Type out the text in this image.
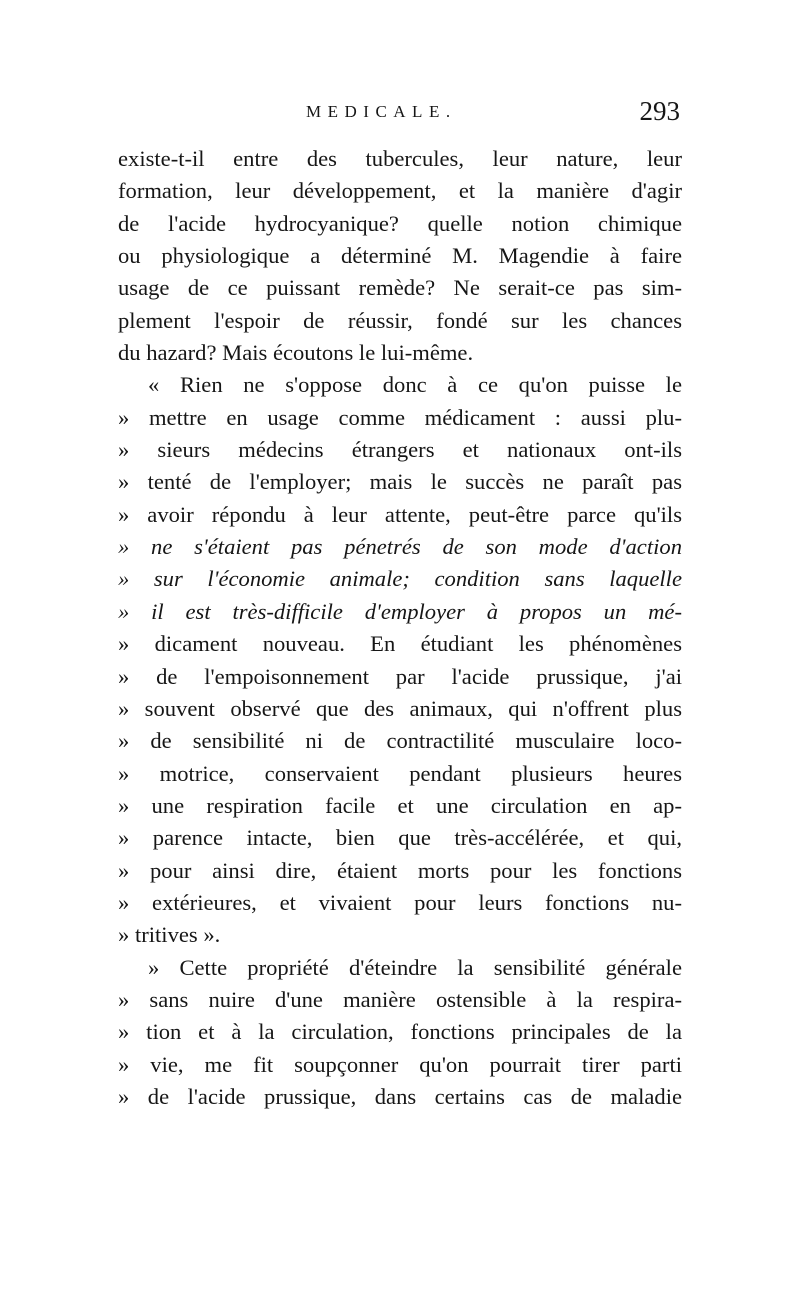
MEDICALE.	293
existe-t-il entre des tubercules, leur nature, leur
formation, leur développement, et la manière d'agir
de l'acide hydrocyanique? quelle notion chimique
ou physiologique a déterminé M. Magendie à faire
usage de ce puissant remède? Ne serait-ce pas sim-
plement l'espoir de réussir, fondé sur les chances
du hazard? Mais écoutons le lui-même.
« Rien ne s'oppose donc à ce qu'on puisse le
» mettre en usage comme médicament : aussi plu-
» sieurs médecins étrangers et nationaux ont-ils
» tenté de l'employer; mais le succès ne paraît pas
» avoir répondu à leur attente, peut-être parce qu'ils
» ne s'étaient pas pénetrés de son mode d'action
» sur l'économie animale; condition sans laquelle
» il est très-difficile d'employer à propos un mé-
» dicament nouveau. En étudiant les phénomènes
» de l'empoisonnement par l'acide prussique, j'ai
» souvent observé que des animaux, qui n'offrent plus
» de sensibilité ni de contractilité musculaire loco-
» motrice, conservaient pendant plusieurs heures
» une respiration facile et une circulation en ap-
» parence intacte, bien que très-accélérée, et qui,
» pour ainsi dire, étaient morts pour les fonctions
» extérieures, et vivaient pour leurs fonctions nu-
» tritives ».
» Cette propriété d'éteindre la sensibilité générale
» sans nuire d'une manière ostensible à la respira-
» tion et à la circulation, fonctions principales de la
» vie, me fit soupçonner qu'on pourrait tirer parti
» de l'acide prussique, dans certains cas de maladie
